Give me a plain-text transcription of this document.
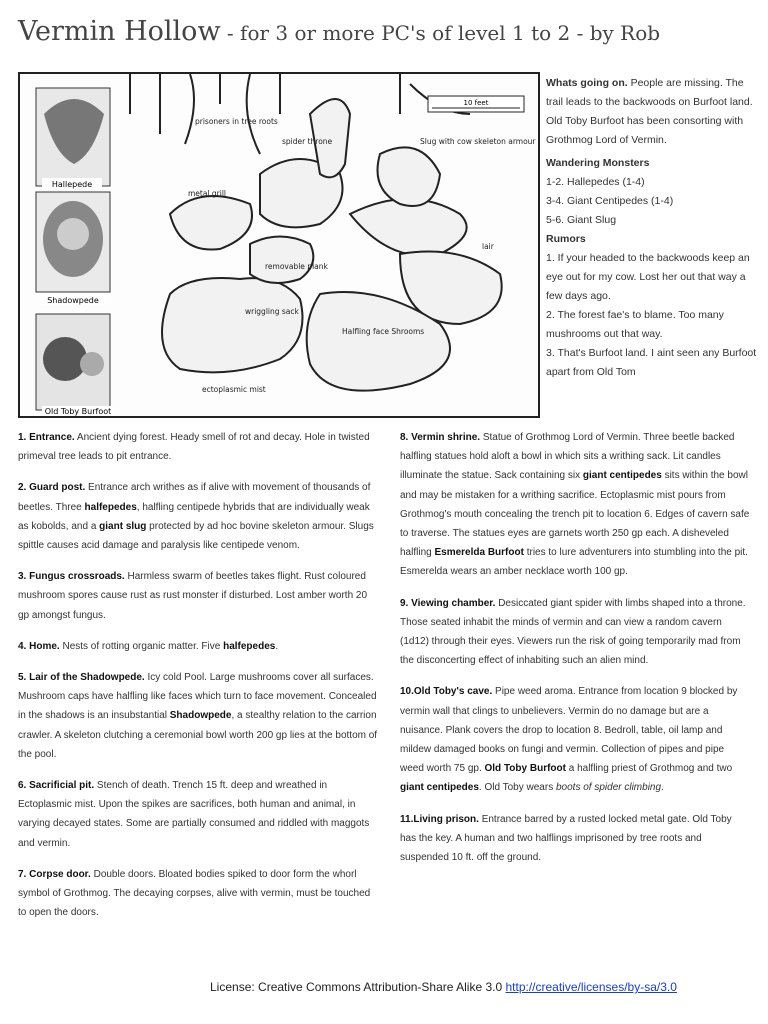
Vermin Hollow - for 3 or more PC's of level 1 to 2 - by Rob
Hallepede
Shadowpede
Old Toby Burfoot
10 feet
prisoners in tree roots
spider throne	Slug with cow skeleton armour
metal grill
removable plank
wriggling sack
Halfling face Shrooms
ectoplasmic mist
lair

Whats going on. People are missing. The trail leads to the backwoods on Burfoot land. Old Toby Burfoot has been consorting with Grothmog Lord of Vermin.

Wandering Monsters
1-2. Hallepedes (1-4)
3-4. Giant Centipedes (1-4)
5-6. Giant Slug
Rumors
1. If your headed to the backwoods keep an eye out for my cow. Lost her out that way a few days ago.
2. The forest fae's to blame. Too many mushrooms out that way.
3. That's Burfoot land. I aint seen any Burfoot apart from Old Tom
1. Entrance. Ancient dying forest. Heady smell of rot and decay. Hole in twisted primeval tree leads to pit entrance.
2. Guard post. Entrance arch writhes as if alive with movement of thousands of beetles. Three halfepedes, halfling centipede hybrids that are individually weak as kobolds, and a giant slug protected by ad hoc bovine skeleton armour. Slugs spittle causes acid damage and paralysis like centipede venom.
3. Fungus crossroads. Harmless swarm of beetles takes flight. Rust coloured mushroom spores cause rust as rust monster if disturbed. Lost amber worth 20 gp amongst fungus.
4. Home. Nests of rotting organic matter. Five halfepedes.
5. Lair of the Shadowpede. Icy cold Pool. Large mushrooms cover all surfaces. Mushroom caps have halfling like faces which turn to face movement. Concealed in the shadows is an insubstantial Shadowpede, a stealthy relation to the carrion crawler. A skeleton clutching a ceremonial bowl worth 200 gp lies at the bottom of the pool.
6. Sacrificial pit. Stench of death. Trench 15 ft. deep and wreathed in Ectoplasmic mist. Upon the spikes are sacrifices, both human and animal, in varying decayed states. Some are partially consumed and riddled with maggots and vermin.
7. Corpse door. Double doors. Bloated bodies spiked to door form the whorl symbol of Grothmog. The decaying corpses, alive with vermin, must be touched to open the doors.
8. Vermin shrine. Statue of Grothmog Lord of Vermin. Three beetle backed halfling statues hold aloft a bowl in which sits a writhing sack. Lit candles illuminate the statue. Sack containing six giant centipedes sits within the bowl and may be mistaken for a writhing sacrifice. Ectoplasmic mist pours from Grothmog's mouth concealing the trench pit to location 6. Edges of cavern safe to traverse. The statues eyes are garnets worth 250 gp each. A disheveled halfling Esmerelda Burfoot tries to lure adventurers into stumbling into the pit. Esmerelda wears an amber necklace worth 100 gp.
9. Viewing chamber. Desiccated giant spider with limbs shaped into a throne. Those seated inhabit the minds of vermin and can view a random cavern (1d12) through their eyes. Viewers run the risk of going temporarily mad from the disconcerting effect of inhabiting such an alien mind.
10.Old Toby's cave. Pipe weed aroma. Entrance from location 9 blocked by vermin wall that clings to unbelievers. Vermin do no damage but are a nuisance. Plank covers the drop to location 8. Bedroll, table, oil lamp and mildew damaged books on fungi and vermin. Collection of pipes and pipe weed worth 75 gp. Old Toby Burfoot a halfling priest of Grothmog and two giant centipedes. Old Toby wears boots of spider climbing.
11.Living prison. Entrance barred by a rusted locked metal gate. Old Toby has the key. A human and two halflings imprisoned by tree roots and suspended 10 ft. off the ground.
License: Creative Commons Attribution-Share Alike 3.0 http://creative/licenses/by-sa/3.0
